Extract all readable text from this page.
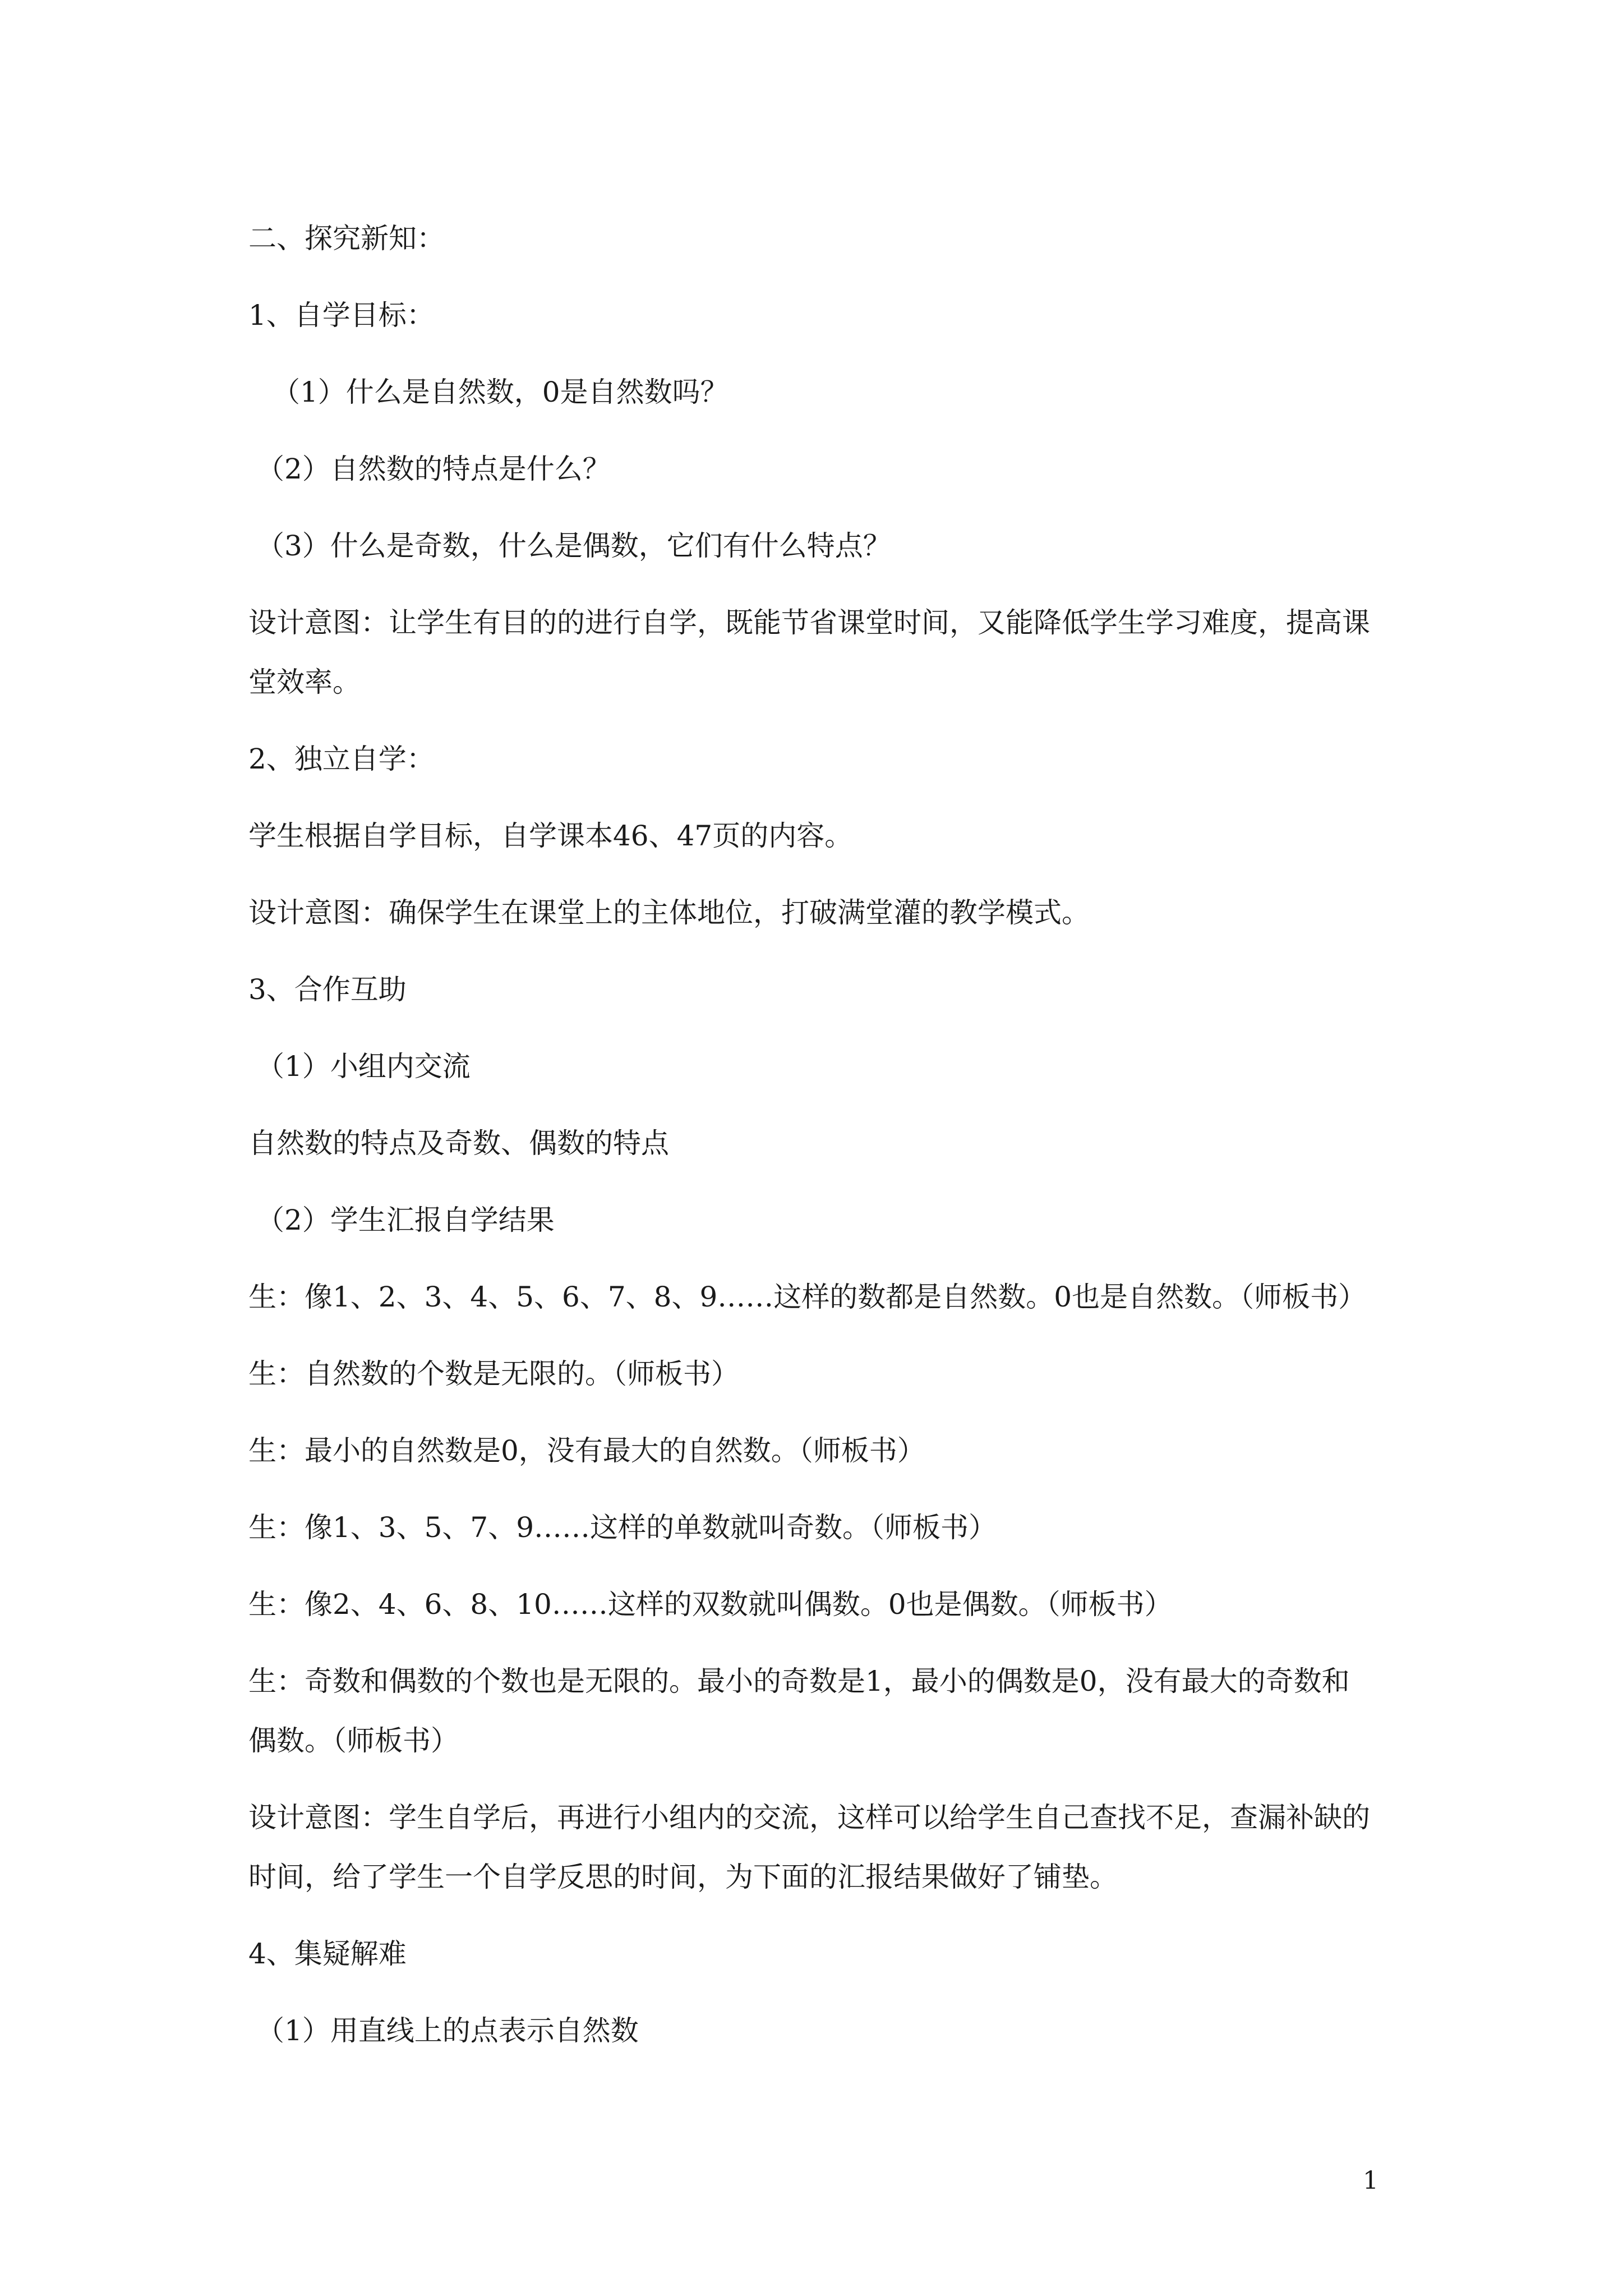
二、探究新知：

1、自学目标：

（1）什么是自然数，0是自然数吗？

（2）自然数的特点是什么？

（3）什么是奇数，什么是偶数，它们有什么特点？

设计意图：让学生有目的的进行自学，既能节省课堂时间，又能降低学生学习难度，提高课

堂效率。

2、独立自学：

学生根据自学目标，自学课本46、47页的内容。

设计意图：确保学生在课堂上的主体地位，打破满堂灌的教学模式。

3、合作互助

（1）小组内交流

自然数的特点及奇数、偶数的特点

（2）学生汇报自学结果

生：像1、2、3、4、5、6、7、8、9……这样的数都是自然数。0也是自然数。（师板书）

生：自然数的个数是无限的。（师板书）

生：最小的自然数是0，没有最大的自然数。（师板书）

生：像1、3、5、7、9……这样的单数就叫奇数。（师板书）

生：像2、4、6、8、10……这样的双数就叫偶数。0也是偶数。（师板书）

生：奇数和偶数的个数也是无限的。最小的奇数是1，最小的偶数是0，没有最大的奇数和

偶数。（师板书）

设计意图：学生自学后，再进行小组内的交流，这样可以给学生自己查找不足，查漏补缺的

时间，给了学生一个自学反思的时间，为下面的汇报结果做好了铺垫。

4、集疑解难

（1）用直线上的点表示自然数

1
